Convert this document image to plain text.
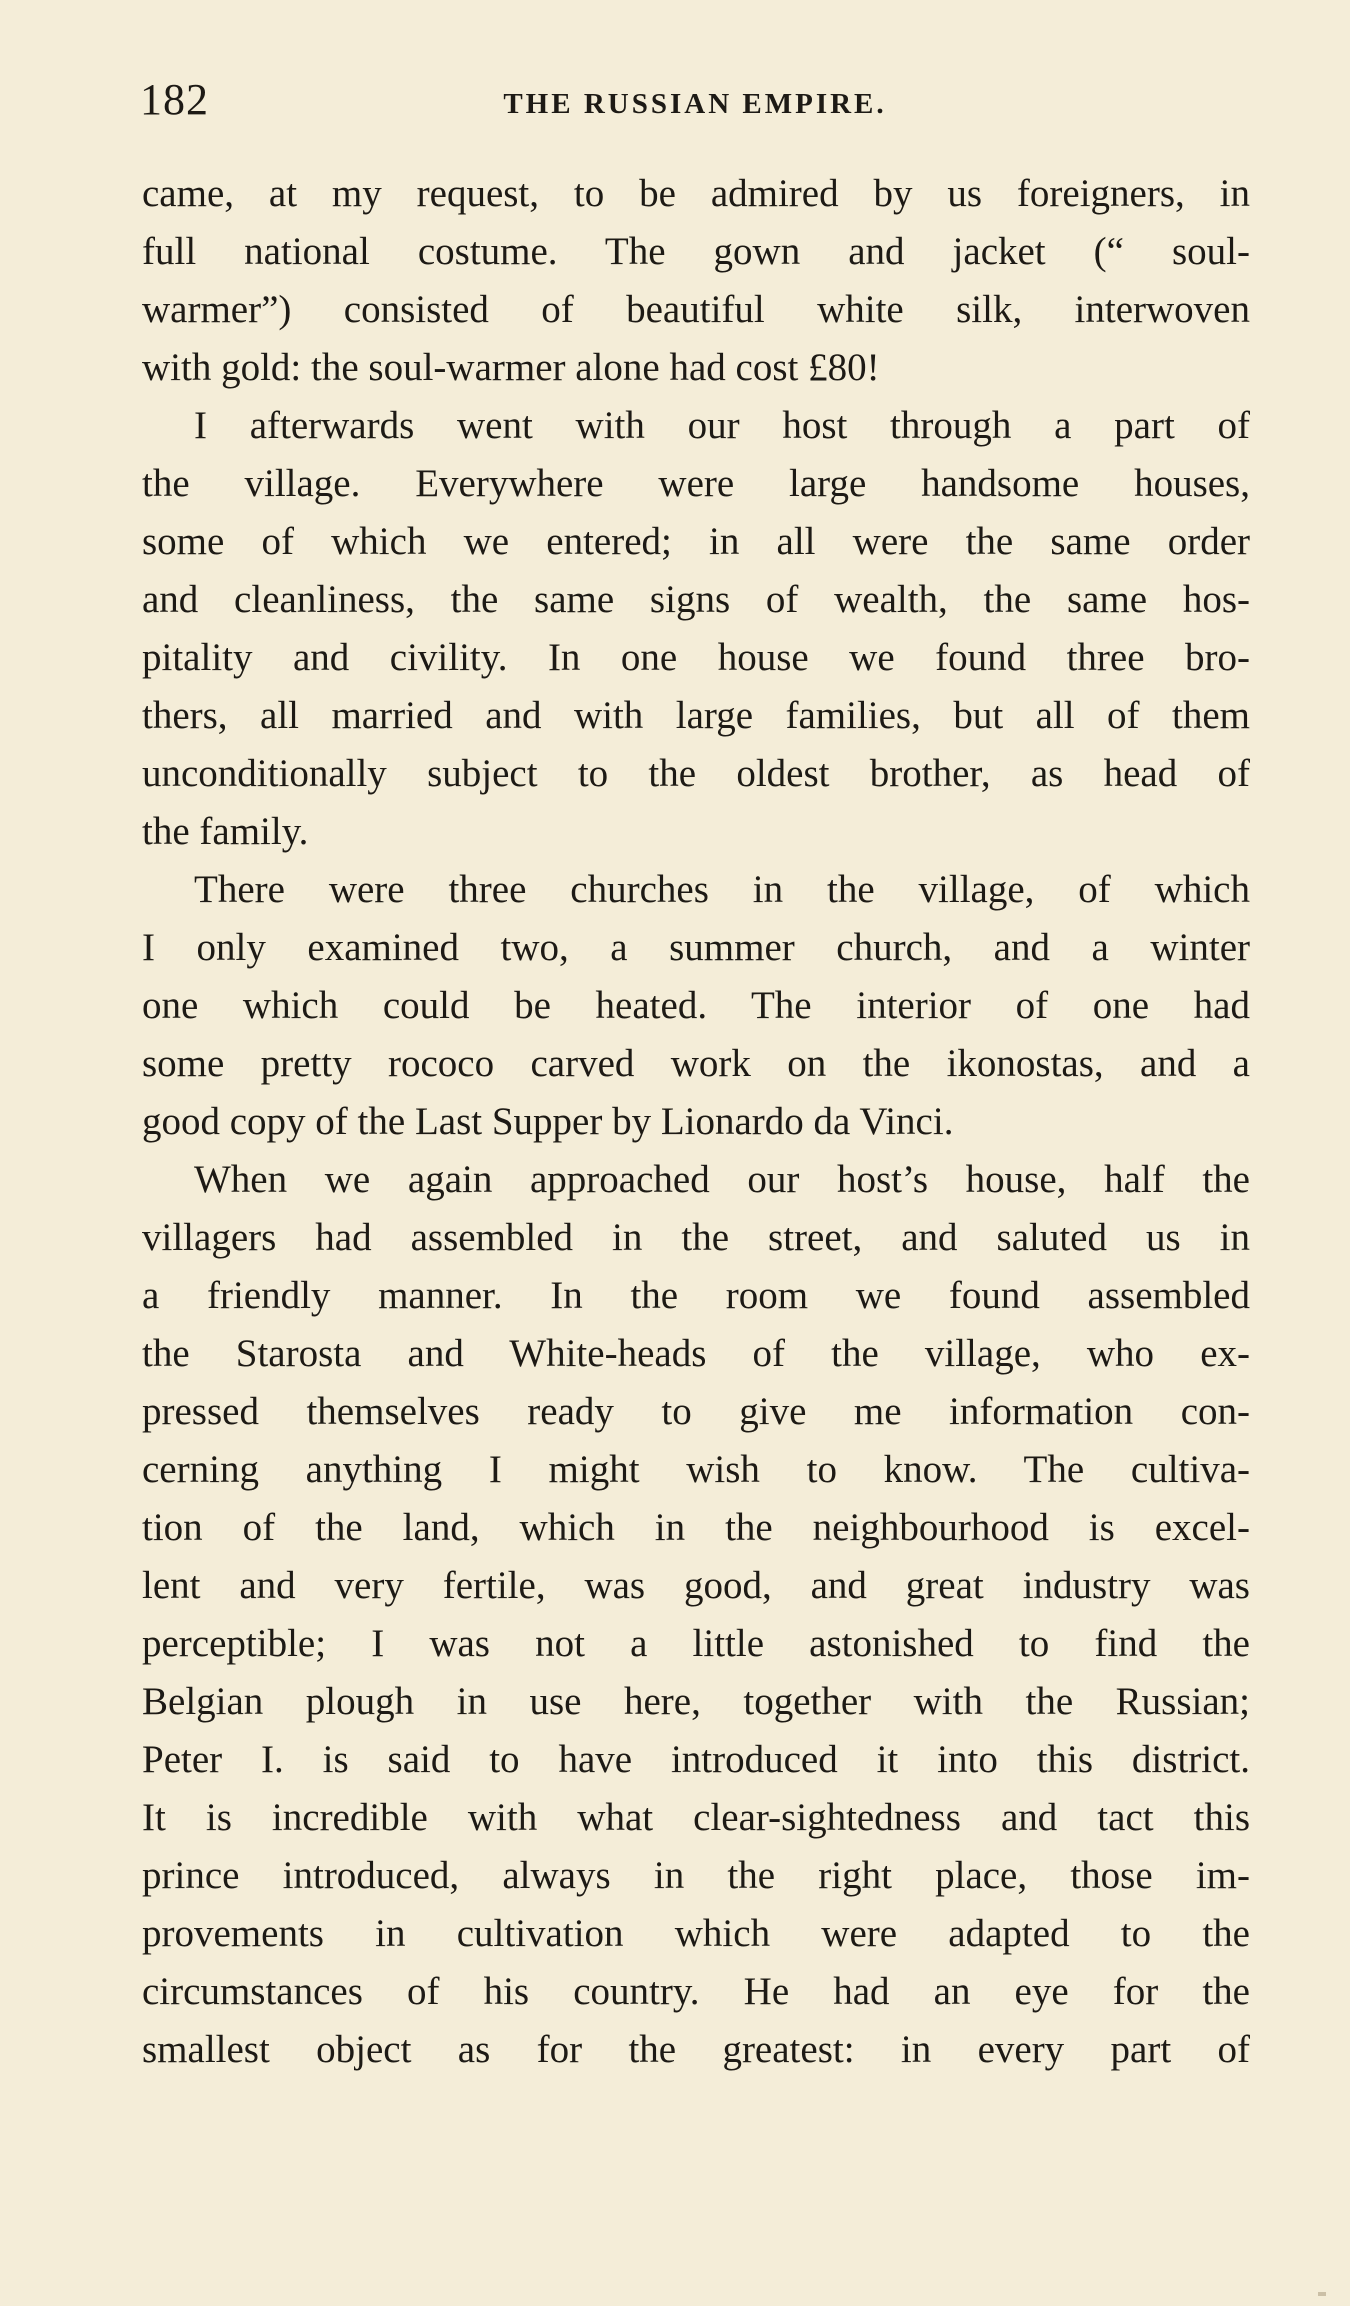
182	THE RUSSIAN EMPIRE.
came, at my request, to be admired by us foreigners, in
full national costume. The gown and jacket (“ soul-
warmer”) consisted of beautiful white silk, interwoven
with gold: the soul-warmer alone had cost £80!
I afterwards went with our host through a part of
the village. Everywhere were large handsome houses,
some of which we entered; in all were the same order
and cleanliness, the same signs of wealth, the same hos-
pitality and civility. In one house we found three bro-
thers, all married and with large families, but all of them
unconditionally subject to the oldest brother, as head of
the family.
There were three churches in the village, of which
I only examined two, a summer church, and a winter
one which could be heated. The interior of one had
some pretty rococo carved work on the ikonostas, and a
good copy of the Last Supper by Lionardo da Vinci.
When we again approached our host’s house, half the
villagers had assembled in the street, and saluted us in
a friendly manner. In the room we found assembled
the Starosta and White-heads of the village, who ex-
pressed themselves ready to give me information con-
cerning anything I might wish to know. The cultiva-
tion of the land, which in the neighbourhood is excel-
lent and very fertile, was good, and great industry was
perceptible; I was not a little astonished to find the
Belgian plough in use here, together with the Russian;
Peter I. is said to have introduced it into this district.
It is incredible with what clear-sightedness and tact this
prince introduced, always in the right place, those im-
provements in cultivation which were adapted to the
circumstances of his country. He had an eye for the
smallest object as for the greatest: in every part of
